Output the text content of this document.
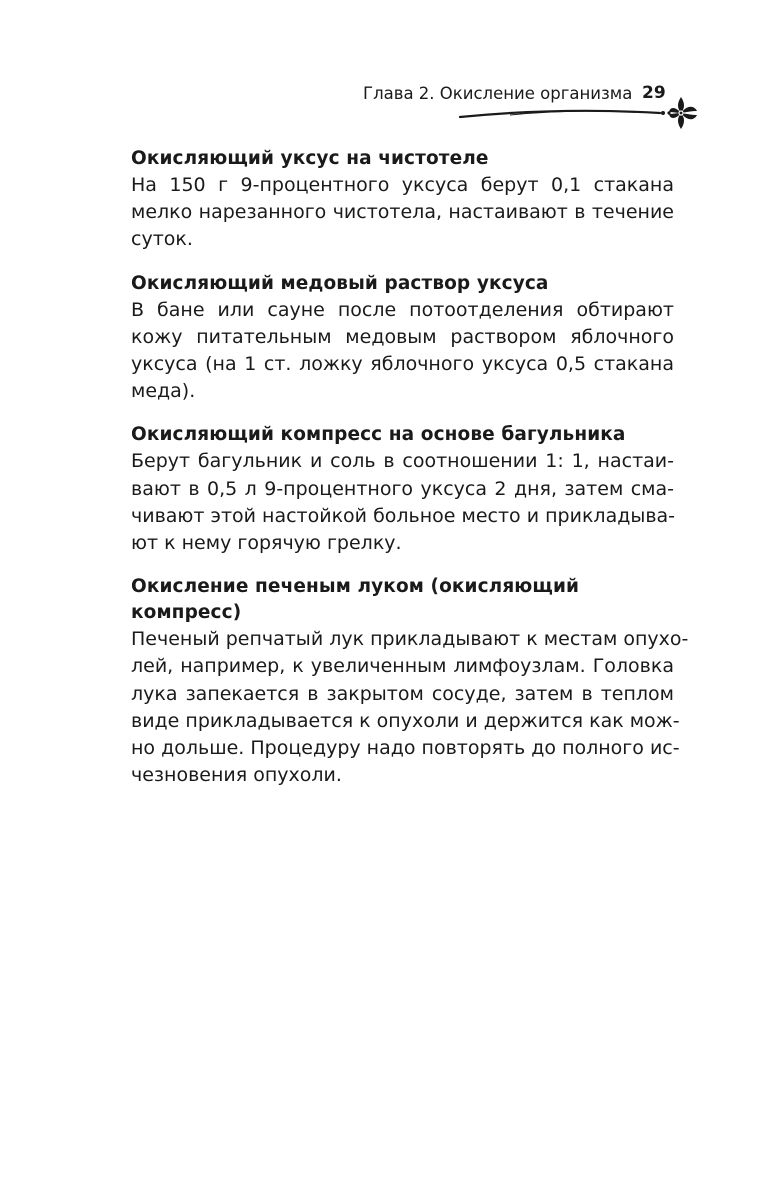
Глава 2. Окисление организма 29
Окисляющий уксус на чистотеле

На 150 г 9-процентного уксуса берут 0,1 стакана
мелко нарезанного чистотела, настаивают в течение
суток.

Окисляющий медовый раствор уксуса

В бане или сауне после потоотделения обтирают
кожу питательным медовым раствором яблочного
уксуса (на 1 ст. ложку яблочного уксуса 0,5 стакана
меда).

Окисляющий компресс на основе багульника

Берут багульник и соль в соотношении 1: 1, настаи-
вают в 0,5 л 9-процентного уксуса 2 дня, затем сма-
чивают этой настойкой больное место и прикладыва-
ют к нему горячую грелку.

Окисление печеным луком (окисляющий
компресс)

Печеный репчатый лук прикладывают к местам опухо-
лей, например, к увеличенным лимфоузлам. Головка
лука запекается в закрытом сосуде, затем в теплом
виде прикладывается к опухоли и держится как мож-
но дольше. Процедуру надо повторять до полного ис-
чезновения опухоли.
